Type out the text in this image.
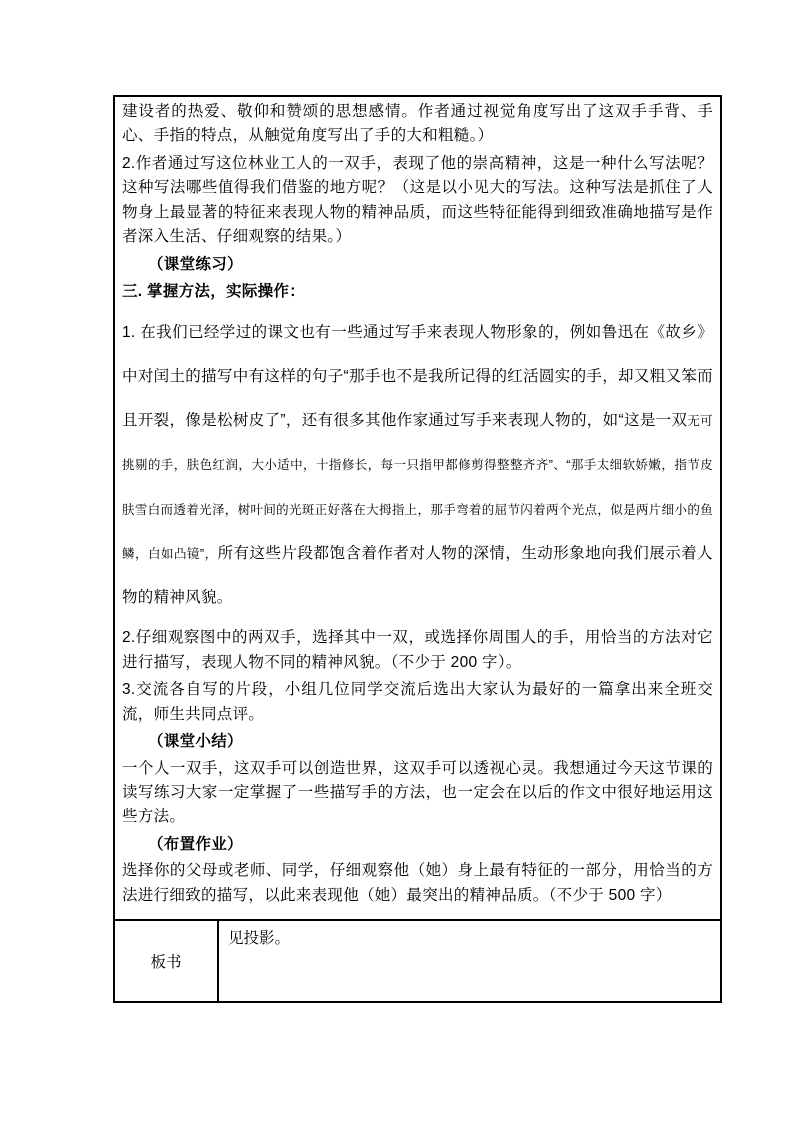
建设者的热爱、敬仰和赞颂的思想感情。作者通过视觉角度写出了这双手手背、手心、手指的特点，从触觉角度写出了手的大和粗糙。）

2.作者通过写这位林业工人的一双手，表现了他的崇高精神，这是一种什么写法呢？这种写法哪些值得我们借鉴的地方呢？（这是以小见大的写法。这种写法是抓住了人物身上最显著的特征来表现人物的精神品质，而这些特征能得到细致准确地描写是作者深入生活、仔细观察的结果。）

（课堂练习）

三. 掌握方法，实际操作：

1. 在我们已经学过的课文也有一些通过写手来表现人物形象的，例如鲁迅在《故乡》中对闰土的描写中有这样的句子“那手也不是我所记得的红活圆实的手，却又粗又笨而且开裂，像是松树皮了”，还有很多其他作家通过写手来表现人物的，如“这是一双无可挑剔的手，肤色红润，大小适中，十指修长，每一只指甲都修剪得整整齐齐”、“那手太细软娇嫩，指节皮肤雪白而透着光泽，树叶间的光斑正好落在大拇指上，那手弯着的屈节闪着两个光点，似是两片细小的鱼鳞，白如凸镜”，所有这些片段都饱含着作者对人物的深情，生动形象地向我们展示着人物的精神风貌。

2.仔细观察图中的两双手，选择其中一双，或选择你周围人的手，用恰当的方法对它进行描写，表现人物不同的精神风貌。（不少于 200 字）。

3.交流各自写的片段，小组几位同学交流后选出大家认为最好的一篇拿出来全班交流，师生共同点评。

（课堂小结）

一个人一双手，这双手可以创造世界，这双手可以透视心灵。我想通过今天这节课的读写练习大家一定掌握了一些描写手的方法，也一定会在以后的作文中很好地运用这些方法。

（布置作业）

选择你的父母或老师、同学，仔细观察他（她）身上最有特征的一部分，用恰当的方法进行细致的描写，以此来表现他（她）最突出的精神品质。（不少于 500 字）

板书
见投影。
